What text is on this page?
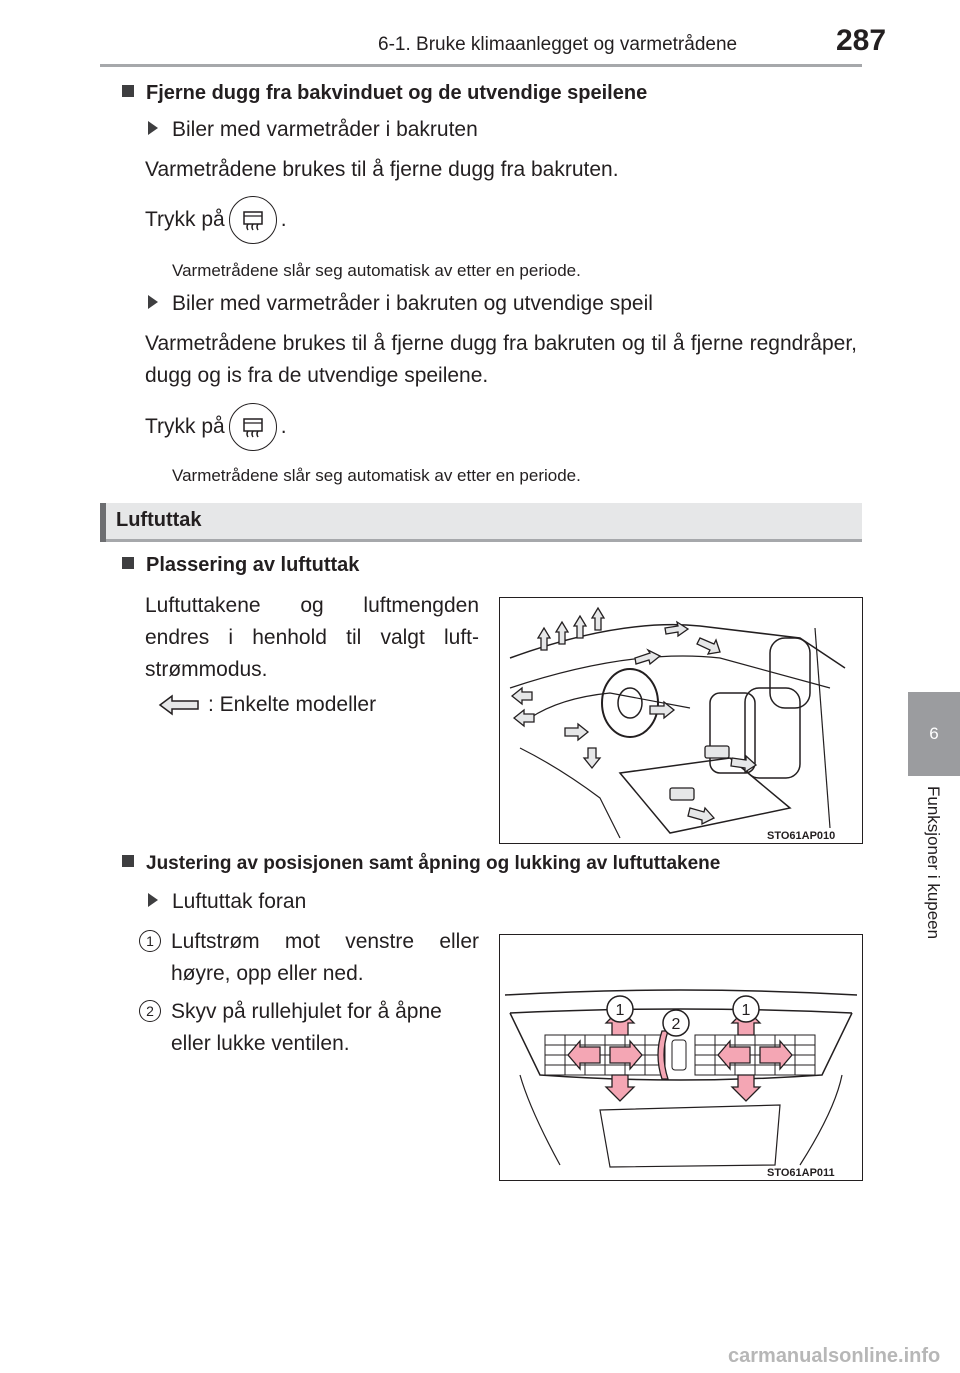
6-1. Bruke klimaanlegget og varmetrådene	287
6
Funksjoner i kupeen
Fjerne dugg fra bakvinduet og de utvendige speilene
Biler med varmetråder i bakruten
Varmetrådene brukes til å fjerne dugg fra bakruten.
Trykk på	.
Varmetrådene slår seg automatisk av etter en periode.
Biler med varmetråder i bakruten og utvendige speil
Varmetrådene brukes til å fjerne dugg fra bakruten og til å fjerne regndråper, dugg og is fra de utvendige speilene.
Trykk på	.
Varmetrådene slår seg automatisk av etter en periode.
Luftuttak
Plassering av luftuttak
Luftuttakene og luftmengden endres i henhold til valgt luft-strømmodus.
: Enkelte modeller
STO61AP010
Justering av posisjonen samt åpning og lukking av luftuttakene
Luftuttak foran
1 Luftstrøm mot venstre eller høyre, opp eller ned.
2 Skyv på rullehjulet for å åpne eller lukke ventilen.
1
2
1
STO61AP011
carmanualsonline.info
